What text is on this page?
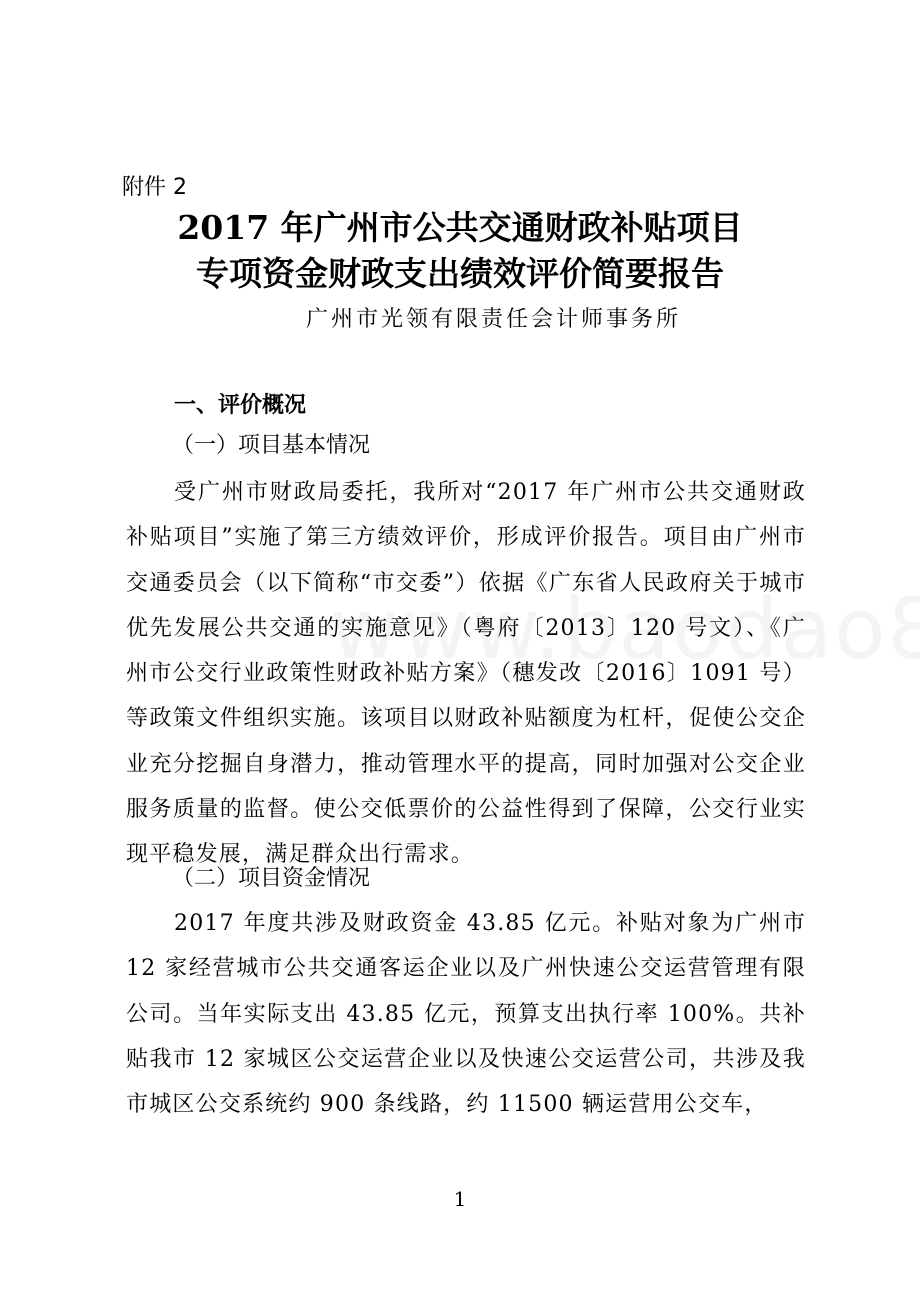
附件 2
2017 年广州市公共交通财政补贴项目
专项资金财政支出绩效评价简要报告
广州市光领有限责任会计师事务所
一、评价概况
（一）项目基本情况
受广州市财政局委托，我所对“2017 年广州市公共交通财政补贴项目”实施了第三方绩效评价，形成评价报告。项目由广州市交通委员会（以下简称“市交委”）依据《广东省人民政府关于城市优先发展公共交通的实施意见》（粤府〔2013〕120 号文）、《广州市公交行业政策性财政补贴方案》（穗发改〔2016〕1091 号）等政策文件组织实施。该项目以财政补贴额度为杠杆，促使公交企业充分挖掘自身潜力，推动管理水平的提高，同时加强对公交企业服务质量的监督。使公交低票价的公益性得到了保障，公交行业实现平稳发展，满足群众出行需求。
（二）项目资金情况
2017 年度共涉及财政资金 43.85 亿元。补贴对象为广州市 12 家经营城市公共交通客运企业以及广州快速公交运营管理有限公司。当年实际支出 43.85 亿元，预算支出执行率 100%。共补贴我市 12 家城区公交运营企业以及快速公交运营公司，共涉及我市城区公交系统约 900 条线路，约 11500 辆运营用公交车，
1
